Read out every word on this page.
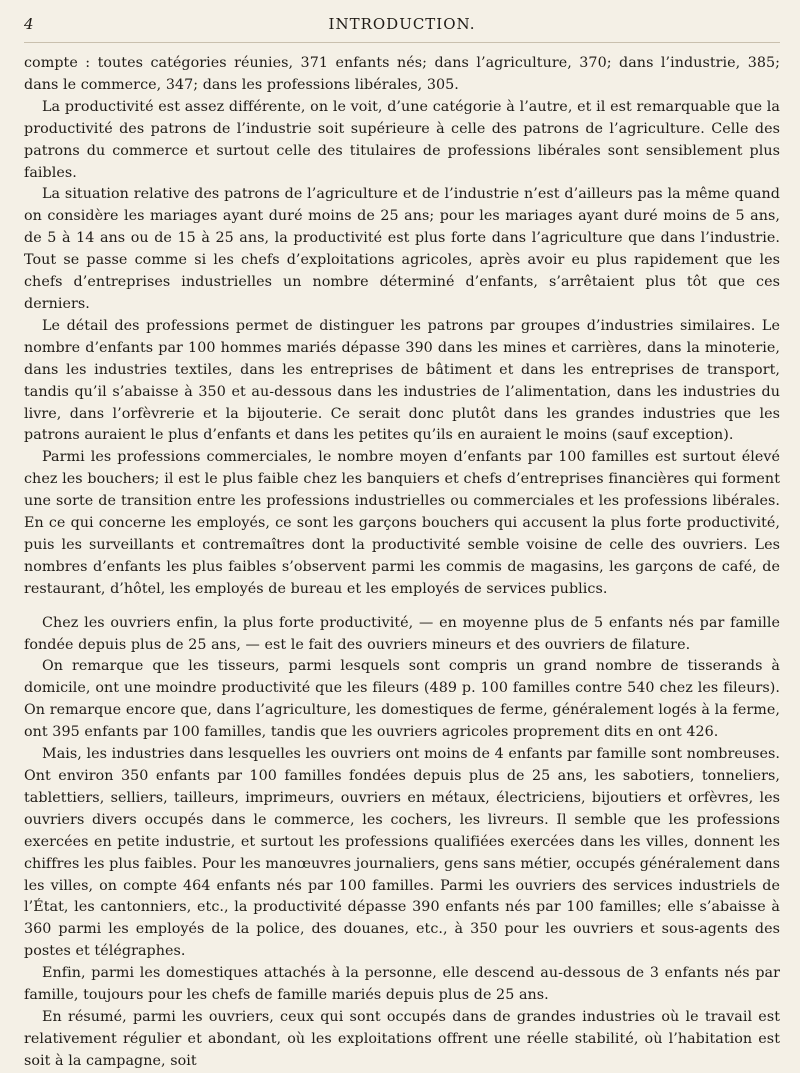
4	INTRODUCTION.

compte : toutes catégories réunies, 371 enfants nés; dans l’agriculture, 370; dans l’industrie, 385; dans le commerce, 347; dans les professions libérales, 305.

La productivité est assez différente, on le voit, d’une catégorie à l’autre, et il est remarquable que la productivité des patrons de l’industrie soit supérieure à celle des patrons de l’agriculture. Celle des patrons du commerce et surtout celle des titulaires de professions libérales sont sensiblement plus faibles.

La situation relative des patrons de l’agriculture et de l’industrie n’est d’ailleurs pas la même quand on considère les mariages ayant duré moins de 25 ans; pour les mariages ayant duré moins de 5 ans, de 5 à 14 ans ou de 15 à 25 ans, la productivité est plus forte dans l’agriculture que dans l’industrie. Tout se passe comme si les chefs d’exploitations agricoles, après avoir eu plus rapidement que les chefs d’entreprises industrielles un nombre déterminé d’enfants, s’arrêtaient plus tôt que ces derniers.

Le détail des professions permet de distinguer les patrons par groupes d’industries similaires. Le nombre d’enfants par 100 hommes mariés dépasse 390 dans les mines et carrières, dans la minoterie, dans les industries textiles, dans les entreprises de bâtiment et dans les entreprises de transport, tandis qu’il s’abaisse à 350 et au-dessous dans les industries de l’alimentation, dans les industries du livre, dans l’orfèvrerie et la bijouterie. Ce serait donc plutôt dans les grandes industries que les patrons auraient le plus d’enfants et dans les petites qu’ils en auraient le moins (sauf exception).

Parmi les professions commerciales, le nombre moyen d’enfants par 100 familles est surtout élevé chez les bouchers; il est le plus faible chez les banquiers et chefs d’entreprises financières qui forment une sorte de transition entre les professions industrielles ou commerciales et les professions libérales. En ce qui concerne les employés, ce sont les garçons bouchers qui accusent la plus forte productivité, puis les surveillants et contremaîtres dont la productivité semble voisine de celle des ouvriers. Les nombres d’enfants les plus faibles s’observent parmi les commis de magasins, les garçons de café, de restaurant, d’hôtel, les employés de bureau et les employés de services publics.

Chez les ouvriers enfin, la plus forte productivité, — en moyenne plus de 5 enfants nés par famille fondée depuis plus de 25 ans, — est le fait des ouvriers mineurs et des ouvriers de filature.

On remarque que les tisseurs, parmi lesquels sont compris un grand nombre de tisserands à domicile, ont une moindre productivité que les fileurs (489 p. 100 familles contre 540 chez les fileurs). On remarque encore que, dans l’agriculture, les domestiques de ferme, généralement logés à la ferme, ont 395 enfants par 100 familles, tandis que les ouvriers agricoles proprement dits en ont 426.

Mais, les industries dans lesquelles les ouvriers ont moins de 4 enfants par famille sont nombreuses. Ont environ 350 enfants par 100 familles fondées depuis plus de 25 ans, les sabotiers, tonneliers, tablettiers, selliers, tailleurs, imprimeurs, ouvriers en métaux, électriciens, bijoutiers et orfèvres, les ouvriers divers occupés dans le commerce, les cochers, les livreurs. Il semble que les professions exercées en petite industrie, et surtout les professions qualifiées exercées dans les villes, donnent les chiffres les plus faibles. Pour les manœuvres journaliers, gens sans métier, occupés généralement dans les villes, on compte 464 enfants nés par 100 familles. Parmi les ouvriers des services industriels de l’État, les cantonniers, etc., la productivité dépasse 390 enfants nés par 100 familles; elle s’abaisse à 360 parmi les employés de la police, des douanes, etc., à 350 pour les ouvriers et sous-agents des postes et télégraphes.

Enfin, parmi les domestiques attachés à la personne, elle descend au-dessous de 3 enfants nés par famille, toujours pour les chefs de famille mariés depuis plus de 25 ans.

En résumé, parmi les ouvriers, ceux qui sont occupés dans de grandes industries où le travail est relativement régulier et abondant, où les exploitations offrent une réelle stabilité, où l’habitation est soit à la campagne, soit
